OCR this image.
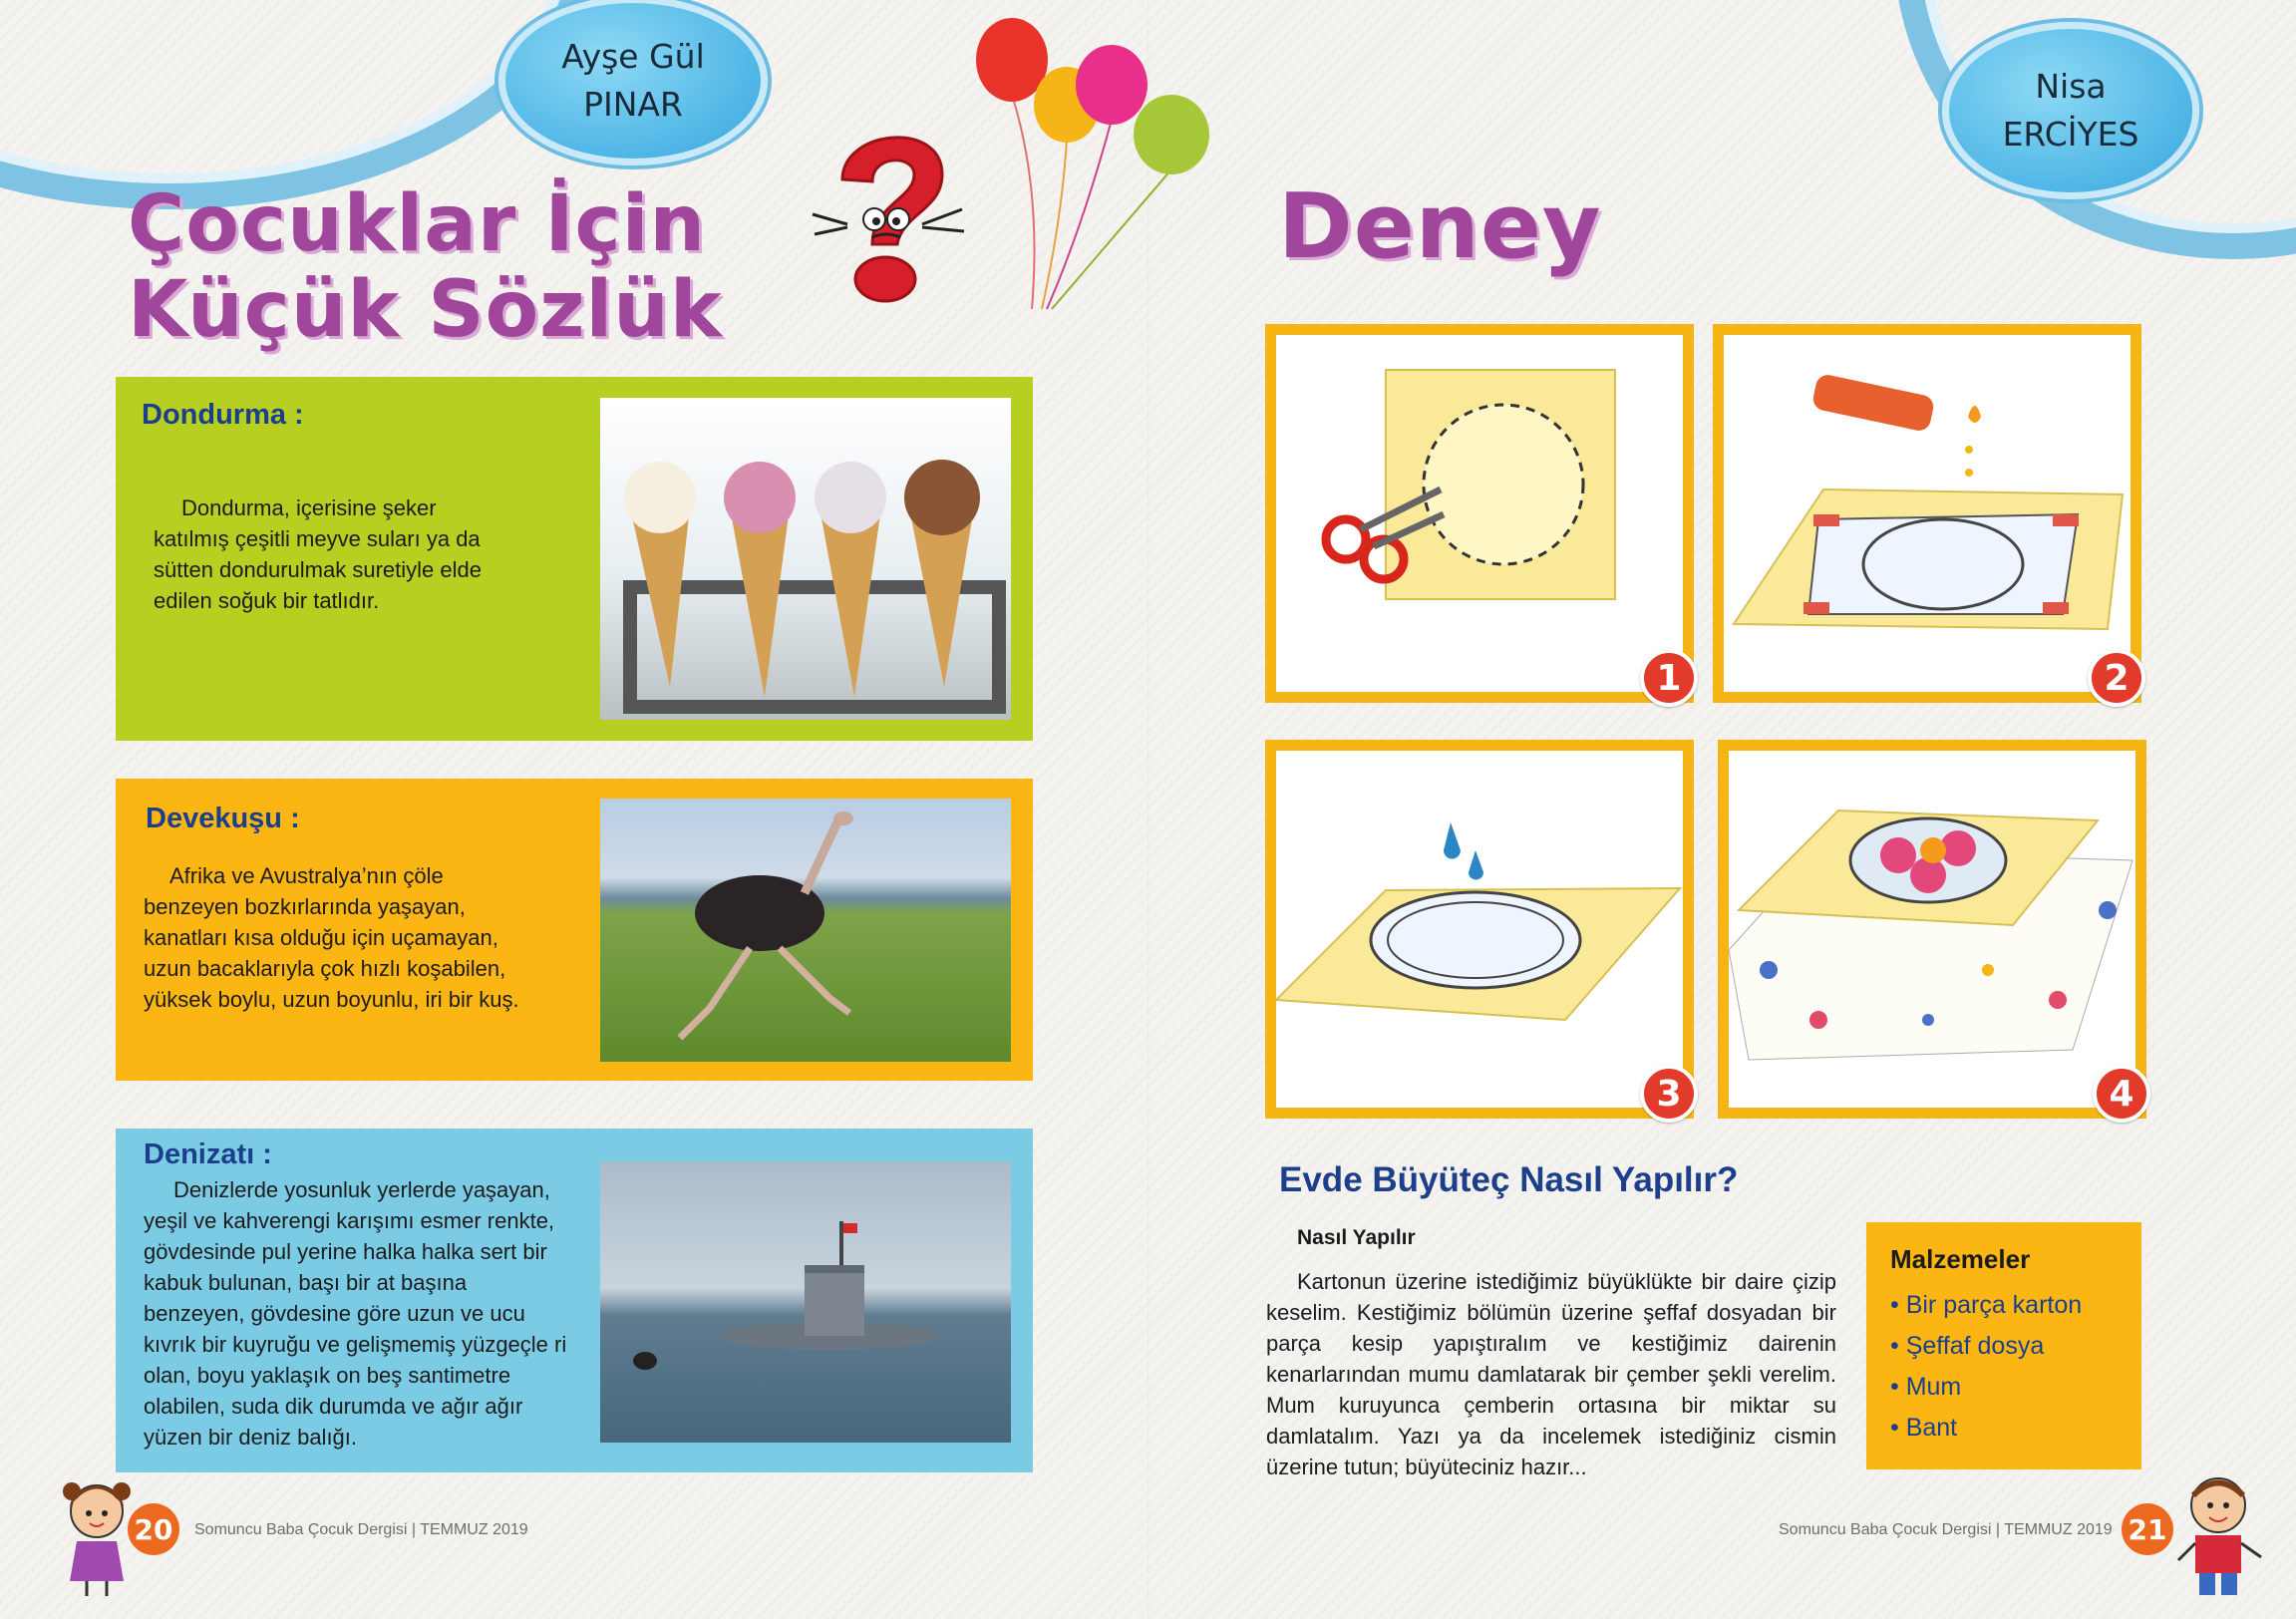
Ayşe Gül
PINAR
Çocuklar İçin
Küçük Sözlük
Dondurma :
Dondurma, içerisine şeker katılmış çeşitli meyve suları ya da sütten dondurulmak suretiyle elde edilen soğuk bir tatlıdır.
Devekuşu :
Afrika ve Avustralya’nın çöle benzeyen bozkırlarında yaşayan, kanatları kısa olduğu için uçamayan, uzun bacaklarıyla çok hızlı koşabilen, yüksek boylu, uzun boyunlu, iri bir kuş.
Denizatı :
Denizlerde yosunluk yerlerde yaşayan, yeşil ve kahverengi karışımı esmer renkte, gövdesinde pul yerine halka halka sert bir kabuk bulunan, başı bir at başına benzeyen, gövdesine göre uzun ve ucu kıvrık bir kuyruğu ve gelişmemiş yüzgeçle ri olan, boyu yaklaşık on beş santimetre olabilen, suda dik durumda ve ağır ağır yüzen bir deniz balığı.
20	Somuncu Baba Çocuk Dergisi | TEMMUZ 2019
Nisa
ERCİYES
Deney
1	2
3	4
Evde Büyüteç Nasıl Yapılır?
Nasıl Yapılır
Kartonun üzerine istediğimiz büyüklükte bir daire çizip keselim. Kestiğimiz bölümün üzerine şeffaf dosyadan bir parça kesip yapıştıralım ve kestiğimiz dairenin kenarlarından mumu damlatarak bir çember şekli verelim. Mum kuruyunca çemberin ortasına bir miktar su damlatalım. Yazı ya da incelemek istediğiniz cismin üzerine tutun; büyüteciniz hazır...
Malzemeler
• Bir parça karton
• Şeffaf dosya
• Mum
• Bant
Somuncu Baba Çocuk Dergisi | TEMMUZ 2019 21
